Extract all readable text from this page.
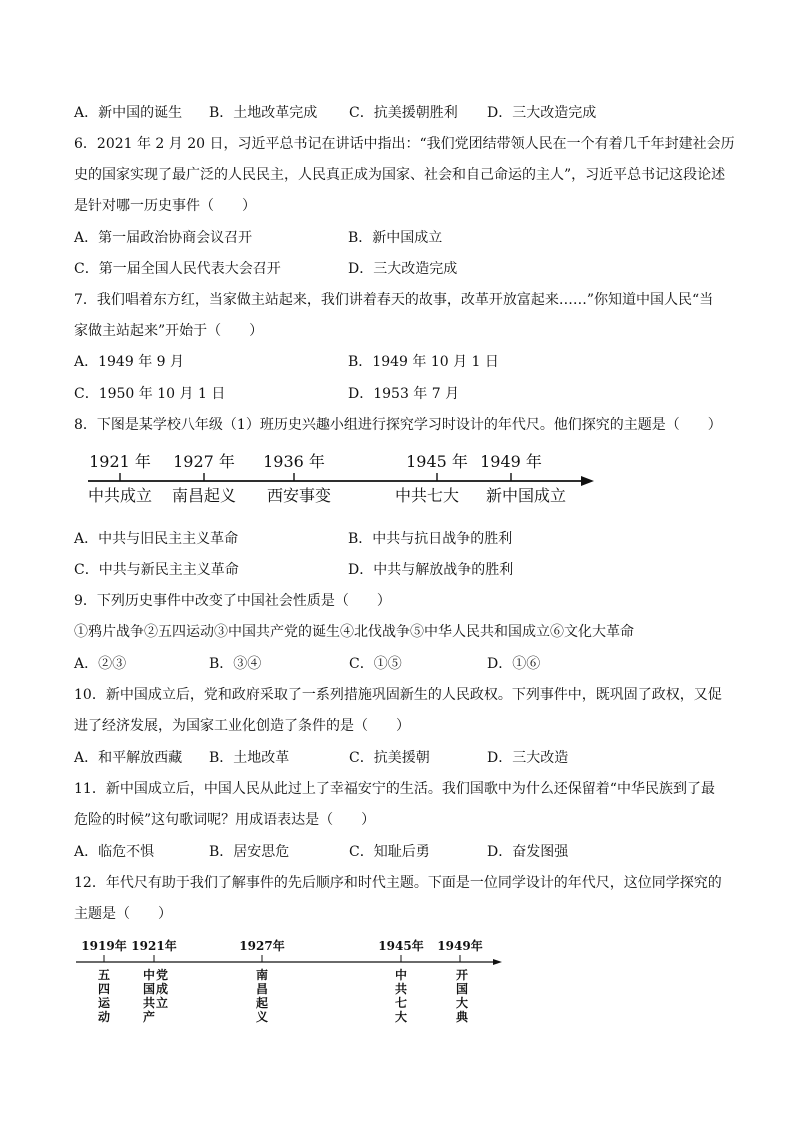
A．新中国的诞生 B．土地改革完成 C．抗美援朝胜利 D．三大改造完成
6．2021 年 2 月 20 日，习近平总书记在讲话中指出：“我们党团结带领人民在一个有着几千年封建社会历
史的国家实现了最广泛的人民民主，人民真正成为国家、社会和自己命运的主人”，习近平总书记这段论述
是针对哪一历史事件（　　）
A．第一届政治协商会议召开	B．新中国成立
C．第一届全国人民代表大会召开	D．三大改造完成
7．我们唱着东方红，当家做主站起来，我们讲着春天的故事，改革开放富起来……”你知道中国人民“当
家做主站起来”开始于（　　）
A．1949 年 9 月	B．1949 年 10 月 1 日
C．1950 年 10 月 1 日	D．1953 年 7 月
8．下图是某学校八年级（1）班历史兴趣小组进行探究学习时设计的年代尺。他们探究的主题是（　　）
1921 年 1927 年 1936 年	1945 年 1949 年
中共成立 南昌起义 西安事变	中共七大 新中国成立
A．中共与旧民主主义革命	B．中共与抗日战争的胜利
C．中共与新民主主义革命	D．中共与解放战争的胜利
9．下列历史事件中改变了中国社会性质是（　　）
①鸦片战争②五四运动③中国共产党的诞生④北伐战争⑤中华人民共和国成立⑥文化大革命
A．②③	B．③④	C．①⑤	D．①⑥
10．新中国成立后，党和政府采取了一系列措施巩固新生的人民政权。下列事件中，既巩固了政权，又促
进了经济发展，为国家工业化创造了条件的是（　　）
A．和平解放西藏 B．土地改革	C．抗美援朝	D．三大改造
11．新中国成立后，中国人民从此过上了幸福安宁的生活。我们国歌中为什么还保留着“中华民族到了最
危险的时候”这句歌词呢？用成语表达是（　　）
A．临危不惧	B．居安思危	C．知耻后勇	D．奋发图强
12．年代尺有助于我们了解事件的先后顺序和时代主题。下面是一位同学设计的年代尺，这位同学探究的
主题是（　　）
1919年 1921年	1927年	1945年 1949年
五
四
运
动
中
国
共
产
党
成
立
南
昌
起
义
中
共
七
大
开
国
大
典
